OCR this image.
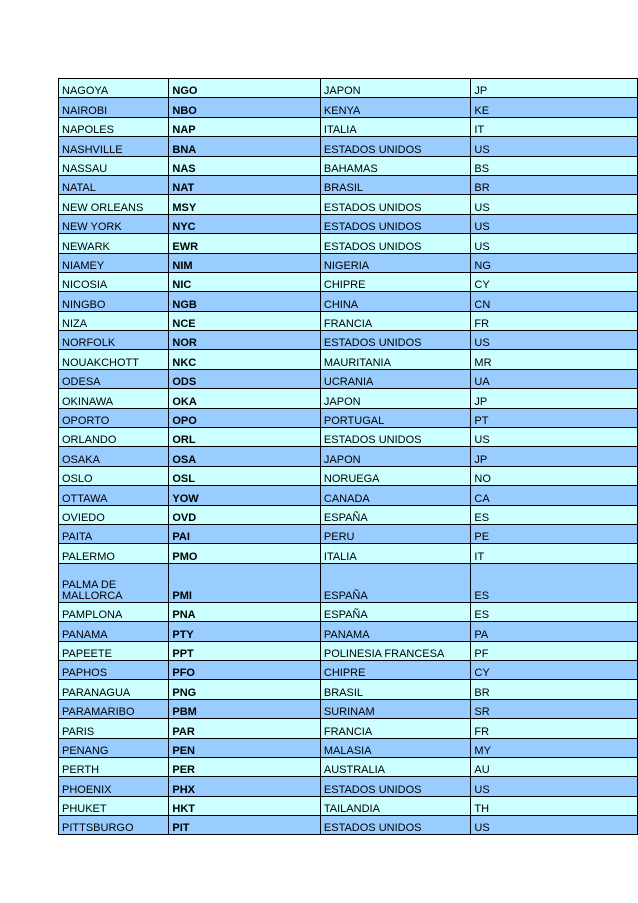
NAGOYA	NGO	JAPON	JP
NAIROBI	NBO	KENYA	KE
NAPOLES	NAP	ITALIA	IT
NASHVILLE	BNA	ESTADOS UNIDOS	US
NASSAU	NAS	BAHAMAS	BS
NATAL	NAT	BRASIL	BR
NEW ORLEANS	MSY	ESTADOS UNIDOS	US
NEW YORK	NYC	ESTADOS UNIDOS	US
NEWARK	EWR	ESTADOS UNIDOS	US
NIAMEY	NIM	NIGERIA	NG
NICOSIA	NIC	CHIPRE	CY
NINGBO	NGB	CHINA	CN
NIZA	NCE	FRANCIA	FR
NORFOLK	NOR	ESTADOS UNIDOS	US
NOUAKCHOTT	NKC	MAURITANIA	MR
ODESA	ODS	UCRANIA	UA
OKINAWA	OKA	JAPON	JP
OPORTO	OPO	PORTUGAL	PT
ORLANDO	ORL	ESTADOS UNIDOS	US
OSAKA	OSA	JAPON	JP
OSLO	OSL	NORUEGA	NO
OTTAWA	YOW	CANADA	CA
OVIEDO	OVD	ESPAÑA	ES
PAITA	PAI	PERU	PE
PALERMO	PMO	ITALIA	IT
PALMA DE MALLORCA	PMI	ESPAÑA	ES
PAMPLONA	PNA	ESPAÑA	ES
PANAMA	PTY	PANAMA	PA
PAPEETE	PPT	POLINESIA FRANCESA	PF
PAPHOS	PFO	CHIPRE	CY
PARANAGUA	PNG	BRASIL	BR
PARAMARIBO	PBM	SURINAM	SR
PARIS	PAR	FRANCIA	FR
PENANG	PEN	MALASIA	MY
PERTH	PER	AUSTRALIA	AU
PHOENIX	PHX	ESTADOS UNIDOS	US
PHUKET	HKT	TAILANDIA	TH
PITTSBURGO	PIT	ESTADOS UNIDOS	US
